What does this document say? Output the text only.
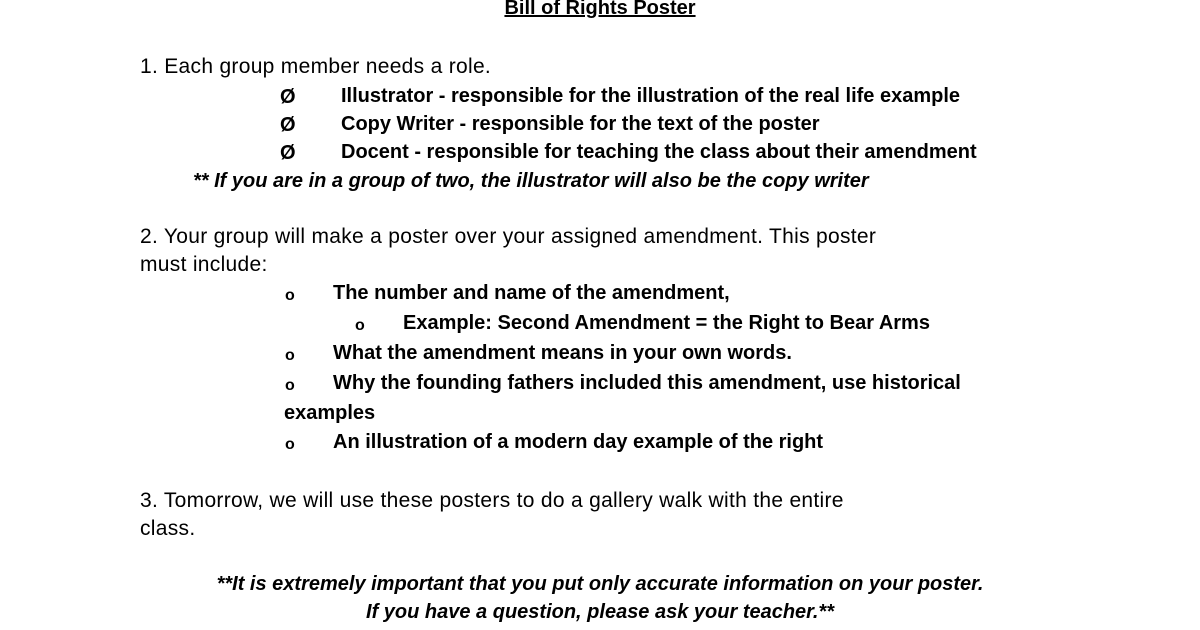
Bill of Rights Poster
1. Each group member needs a role.
Ø Illustrator - responsible for the illustration of the real life example
Ø Copy Writer - responsible for the text of the poster
Ø Docent - responsible for teaching the class about their amendment
** If you are in a group of two, the illustrator will also be the copy writer
2. Your group will make a poster over your assigned amendment. This poster
must include:
o The number and name of the amendment,
o Example: Second Amendment = the Right to Bear Arms
o What the amendment means in your own words.
o Why the founding fathers included this amendment, use historical
examples
o An illustration of a modern day example of the right
3. Tomorrow, we will use these posters to do a gallery walk with the entire
class.
**It is extremely important that you put only accurate information on your poster.
If you have a question, please ask your teacher.**
